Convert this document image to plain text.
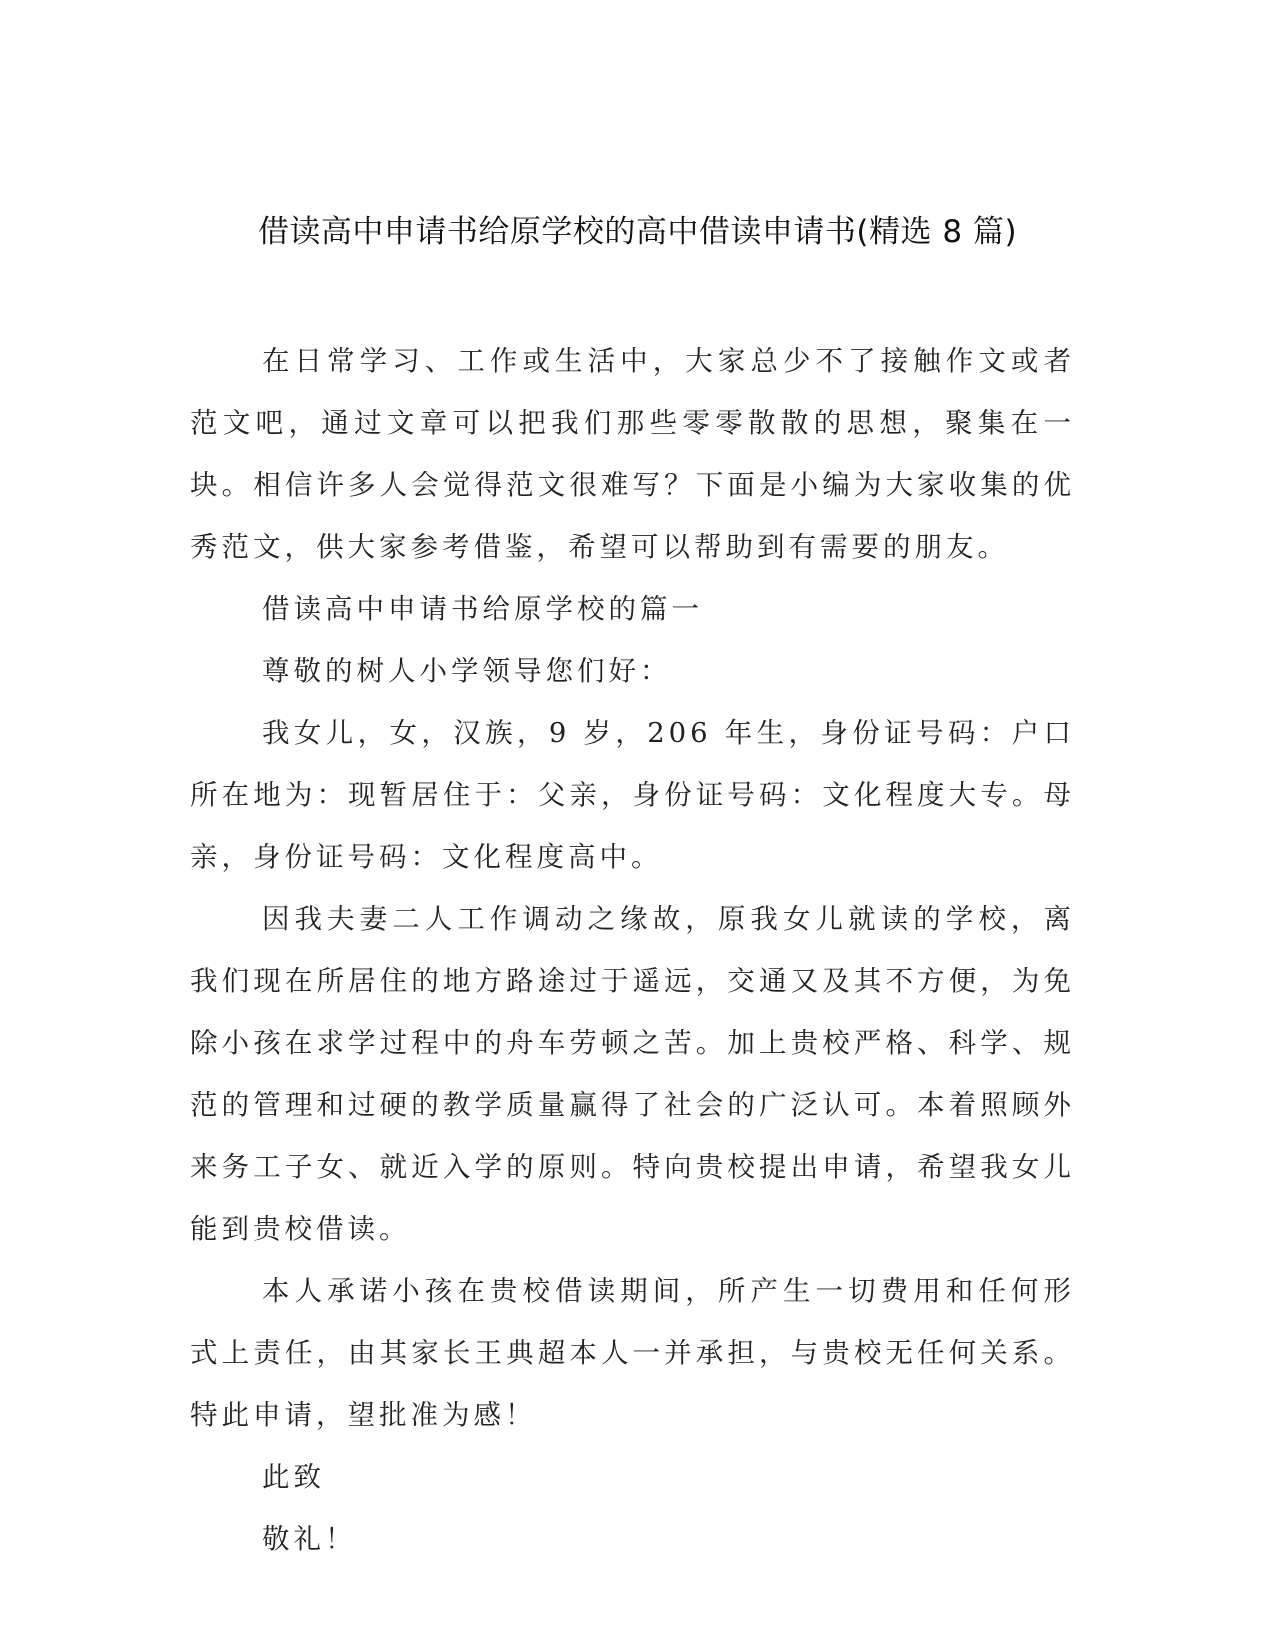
借读高中申请书给原学校的高中借读申请书(精选 8 篇)

在日常学习、工作或生活中，大家总少不了接触作文或者范文吧，通过文章可以把我们那些零零散散的思想，聚集在一块。相信许多人会觉得范文很难写？下面是小编为大家收集的优秀范文，供大家参考借鉴，希望可以帮助到有需要的朋友。

借读高中申请书给原学校的篇一

尊敬的树人小学领导您们好：

我女儿，女，汉族，9 岁，206 年生，身份证号码：户口所在地为：现暂居住于：父亲，身份证号码：文化程度大专。母亲，身份证号码：文化程度高中。

因我夫妻二人工作调动之缘故，原我女儿就读的学校，离我们现在所居住的地方路途过于遥远，交通又及其不方便，为免除小孩在求学过程中的舟车劳顿之苦。加上贵校严格、科学、规范的管理和过硬的教学质量赢得了社会的广泛认可。本着照顾外来务工子女、就近入学的原则。特向贵校提出申请，希望我女儿能到贵校借读。

本人承诺小孩在贵校借读期间，所产生一切费用和任何形式上责任，由其家长王典超本人一并承担，与贵校无任何关系。特此申请，望批准为感！

此致

敬礼！
